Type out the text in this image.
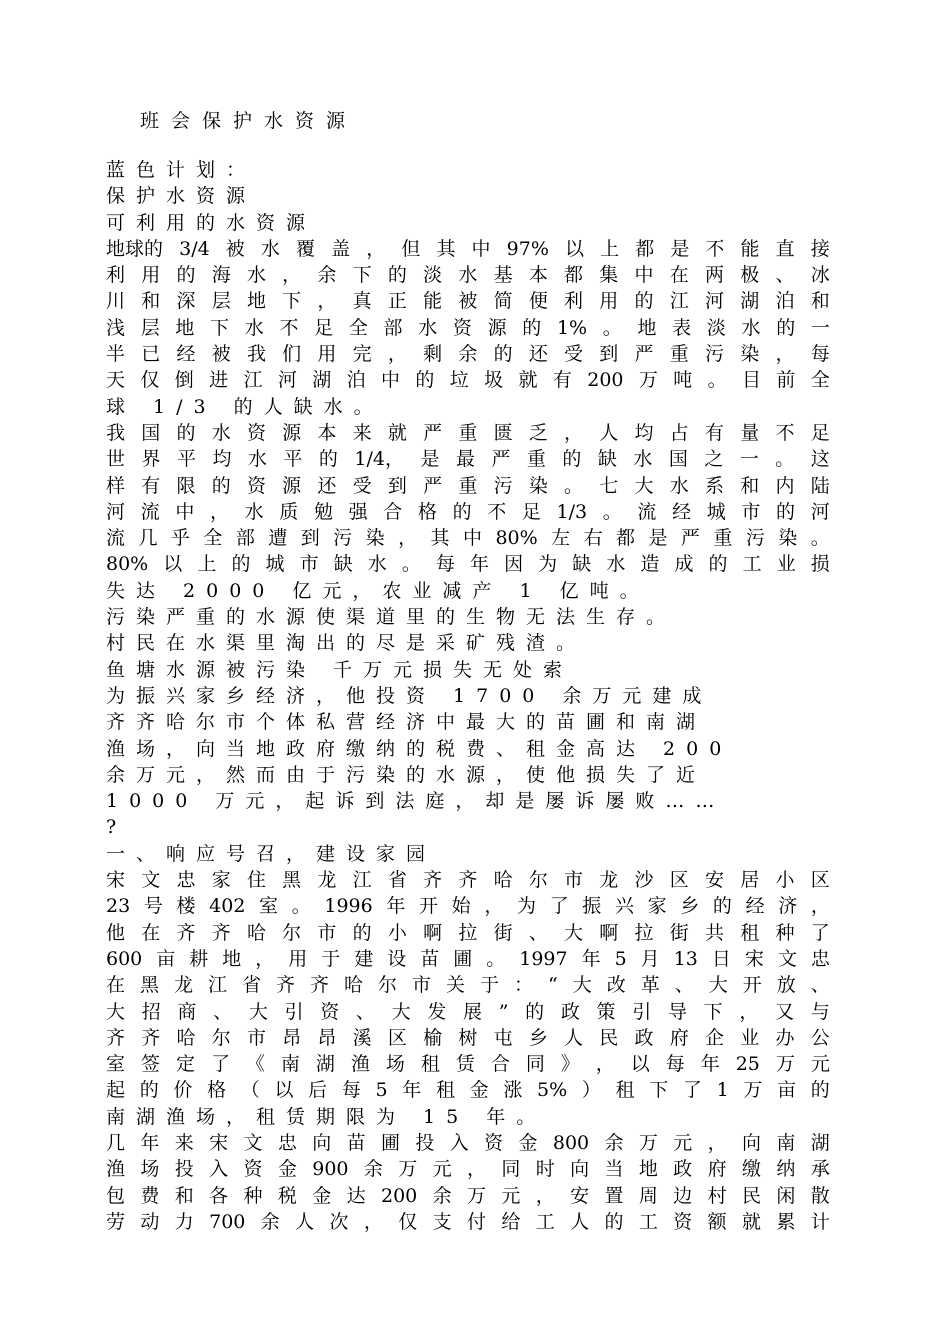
班会保护水资源
蓝色计划：
保护水资源
可利用的水资源
地球的 3/4 被 水 覆 盖 ， 但 其 中 97% 以 上 都 是 不 能 直 接
利 用 的 海 水 ， 余 下 的 淡 水 基 本 都 集 中 在 两 极 、 冰
川 和 深 层 地 下 ， 真 正 能 被 简 便 利 用 的 江 河 湖 泊 和
浅 层 地 下 水 不 足 全 部 水 资 源 的 1% 。 地 表 淡 水 的 一
半 已 经 被 我 们 用 完 ， 剩 余 的 还 受 到 严 重 污 染 ， 每
天 仅 倒 进 江 河 湖 泊 中 的 垃 圾 就 有 200 万 吨 。 目 前 全
球 1/3 的人缺水。
我 国 的 水 资 源 本 来 就 严 重 匮 乏 ， 人 均 占 有 量 不 足
世 界 平 均 水 平 的 1/4， 是 最 严 重 的 缺 水 国 之 一 。 这
样 有 限 的 资 源 还 受 到 严 重 污 染 。 七 大 水 系 和 内 陆
河 流 中 ， 水 质 勉 强 合 格 的 不 足 1/3 。 流 经 城 市 的 河
流 几 乎 全 部 遭 到 污 染 ， 其 中 80% 左 右 都 是 严 重 污 染 。
80% 以 上 的 城 市 缺 水 。 每 年 因 为 缺 水 造 成 的 工 业 损
失达 2000 亿元，农业减产 1 亿吨。
污染严重的水源使渠道里的生物无法生存。
村民在水渠里淘出的尽是采矿残渣。
鱼塘水源被污染 千万元损失无处索
为振兴家乡经济，他投资 1700 余万元建成
齐齐哈尔市个体私营经济中最大的苗圃和南湖
渔场，向当地政府缴纳的税费、租金高达 200
余万元，然而由于污染的水源，使他损失了近
1000 万元，起诉到法庭，却是屡诉屡败……
?
一、响应号召，建设家园
宋 文 忠 家 住 黑 龙 江 省 齐 齐 哈 尔 市 龙 沙 区 安 居 小 区
23 号 楼 402 室 。 1996 年 开 始 ， 为 了 振 兴 家 乡 的 经 济 ，
他 在 齐 齐 哈 尔 市 的 小 啊 拉 街 、 大 啊 拉 街 共 租 种 了
600 亩 耕 地 ， 用 于 建 设 苗 圃 。 1997 年 5 月 13 日 宋 文 忠
在 黑 龙 江 省 齐 齐 哈 尔 市 关 于 ： “ 大 改 革 、 大 开 放 、
大 招 商 、 大 引 资 、 大 发 展 ” 的 政 策 引 导 下 ， 又 与
齐 齐 哈 尔 市 昂 昂 溪 区 榆 树 屯 乡 人 民 政 府 企 业 办 公
室 签 定 了 《 南 湖 渔 场 租 赁 合 同 》 ， 以 每 年 25 万 元
起 的 价 格 （ 以 后 每 5 年 租 金 涨 5% ） 租 下 了 1 万 亩 的
南湖渔场，租赁期限为 15 年。
几 年 来 宋 文 忠 向 苗 圃 投 入 资 金 800 余 万 元 ， 向 南 湖
渔 场 投 入 资 金 900 余 万 元 ， 同 时 向 当 地 政 府 缴 纳 承
包 费 和 各 种 税 金 达 200 余 万 元 ， 安 置 周 边 村 民 闲 散
劳 动 力 700 余 人 次 ， 仅 支 付 给 工 人 的 工 资 额 就 累 计
